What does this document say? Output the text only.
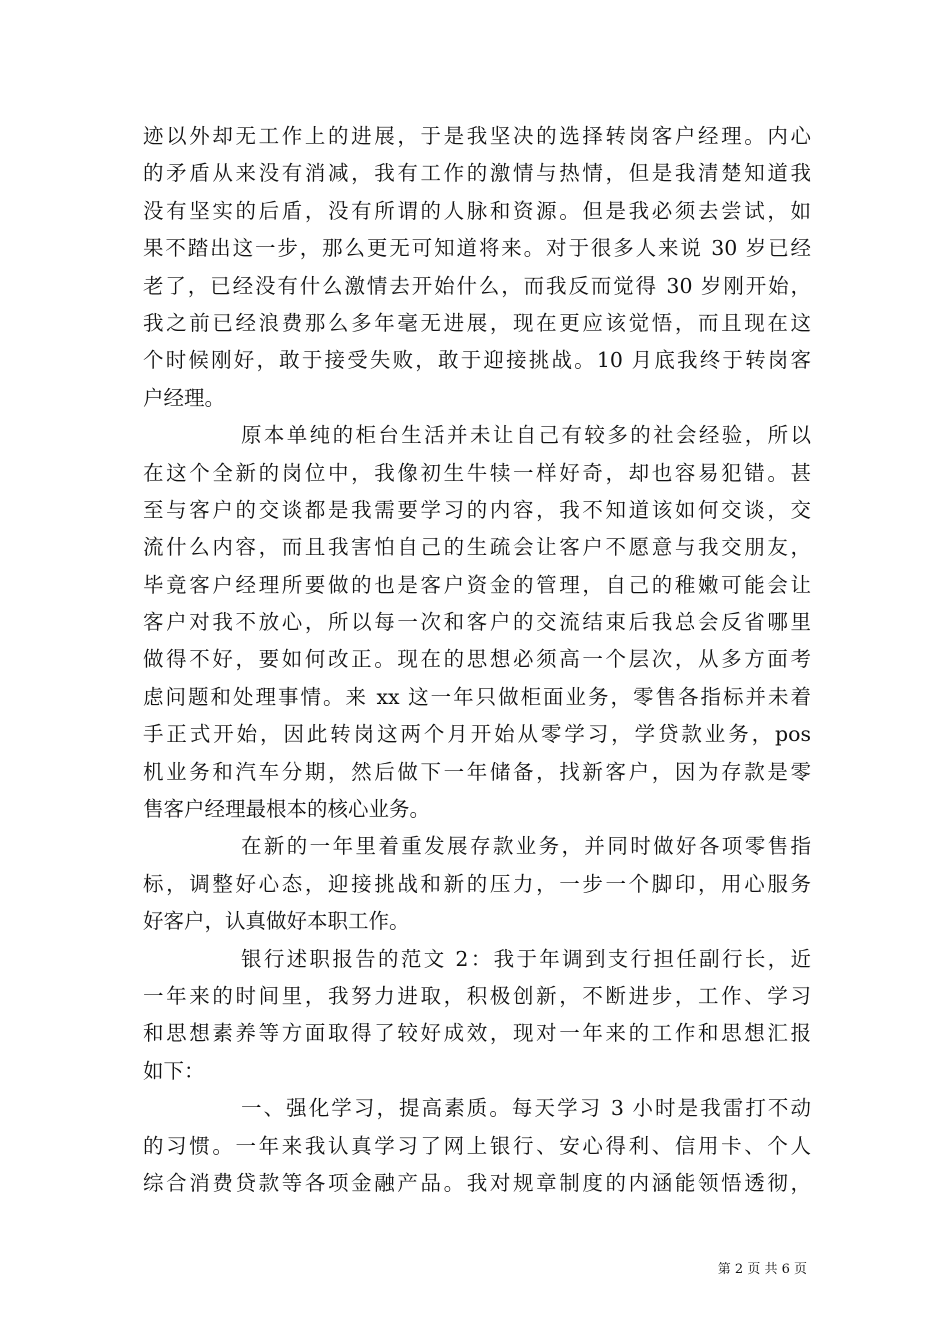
迹以外却无工作上的进展，于是我坚决的选择转岗客户经理。内心
的矛盾从来没有消减，我有工作的激情与热情，但是我清楚知道我
没有坚实的后盾，没有所谓的人脉和资源。但是我必须去尝试，如
果不踏出这一步，那么更无可知道将来。对于很多人来说 30 岁已经
老了，已经没有什么激情去开始什么，而我反而觉得 30 岁刚开始，
我之前已经浪费那么多年毫无进展，现在更应该觉悟，而且现在这
个时候刚好，敢于接受失败，敢于迎接挑战。10 月底我终于转岗客
户经理。
原本单纯的柜台生活并未让自己有较多的社会经验，所以
在这个全新的岗位中，我像初生牛犊一样好奇，却也容易犯错。甚
至与客户的交谈都是我需要学习的内容，我不知道该如何交谈，交
流什么内容，而且我害怕自己的生疏会让客户不愿意与我交朋友，
毕竟客户经理所要做的也是客户资金的管理，自己的稚嫩可能会让
客户对我不放心，所以每一次和客户的交流结束后我总会反省哪里
做得不好，要如何改正。现在的思想必须高一个层次，从多方面考
虑问题和处理事情。来 xx 这一年只做柜面业务，零售各指标并未着
手正式开始，因此转岗这两个月开始从零学习，学贷款业务，pos
机业务和汽车分期，然后做下一年储备，找新客户，因为存款是零
售客户经理最根本的核心业务。
在新的一年里着重发展存款业务，并同时做好各项零售指
标，调整好心态，迎接挑战和新的压力，一步一个脚印，用心服务
好客户，认真做好本职工作。
银行述职报告的范文 2：我于年调到支行担任副行长，近
一年来的时间里，我努力进取，积极创新，不断进步，工作、学习
和思想素养等方面取得了较好成效，现对一年来的工作和思想汇报
如下：
一、强化学习，提高素质。每天学习 3 小时是我雷打不动
的习惯。一年来我认真学习了网上银行、安心得利、信用卡、个人
综合消费贷款等各项金融产品。我对规章制度的内涵能领悟透彻，
第 2 页 共 6 页
